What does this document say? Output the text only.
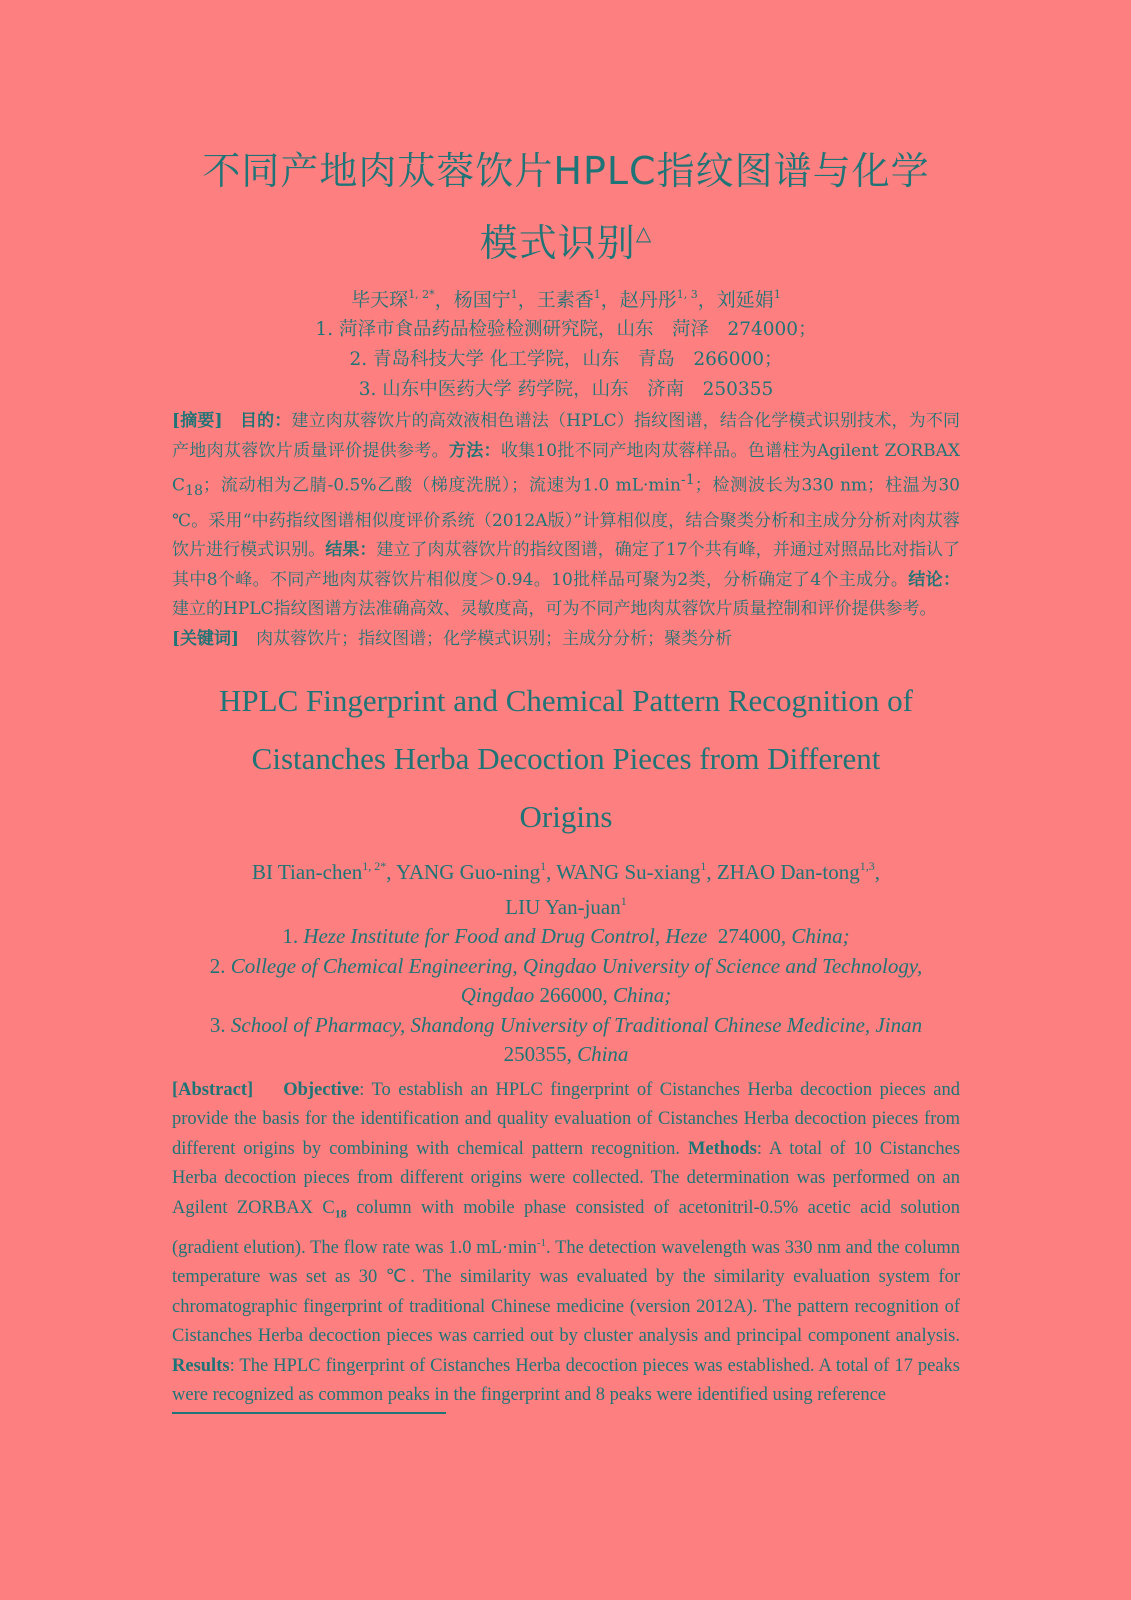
不同产地肉苁蓉饮片HPLC指纹图谱与化学
模式识别△
毕天琛$^{1, 2*}$，杨国宁$^1$，王素香$^1$，赵丹彤$^{1, 3}$，刘延娟$^1$
1. 菏泽市食品药品检验检测研究院，山东　菏泽　274000；
2. 青岛科技大学 化工学院，山东　青岛　266000；
3. 山东中医药大学 药学院，山东　济南　250355
[摘要]　 目的：建立肉苁蓉饮片的高效液相色谱法（HPLC）指纹图谱，结合化学模式识别技术，为不同产地肉苁蓉饮片质量评价提供参考。方法：收集10批不同产地肉苁蓉样品。色谱柱为Agilent ZORBAX $C_{18}$；流动相为乙腈-0.5%乙酸（梯度洗脱）；流速为1.0 $mL\cdot\min^{-1}$；检测波长为330 nm；柱温为30 ℃。采用“中药指纹图谱相似度评价系统（2012A版）”计算相似度，结合聚类分析和主成分分析对肉苁蓉饮片进行模式识别。结果：建立了肉苁蓉饮片的指纹图谱，确定了17个共有峰，并通过对照品比对指认了其中8个峰。不同产地肉苁蓉饮片相似度＞0.94。10批样品可聚为2类，分析确定了4个主成分。结论：建立的HPLC指纹图谱方法准确高效、灵敏度高，可为不同产地肉苁蓉饮片质量控制和评价提供参考。
[关键词]　 肉苁蓉饮片；指纹图谱；化学模式识别；主成分分析；聚类分析
HPLC Fingerprint and Chemical Pattern Recognition of
Cistanches Herba Decoction Pieces from Different
Origins
BI Tian-chen$^{1, 2*}$, YANG Guo-ning$^1$, WANG Su-xiang$^1$, ZHAO Dan-tong$^{1,3}$,
LIU Yan-juan$^1$
1. Heze Institute for Food and Drug Control, Heze 274000, China;
2. College of Chemical Engineering, Qingdao University of Science and Technology,
Qingdao 266000, China;
3. School of Pharmacy, Shandong University of Traditional Chinese Medicine, Jinan
250355, China
[Abstract] Objective: To establish an HPLC fingerprint of Cistanches Herba decoction pieces and provide the basis for the identification and quality evaluation of Cistanches Herba decoction pieces from different origins by combining with chemical pattern recognition. Methods: A total of 10 Cistanches Herba decoction pieces from different origins were collected. The determination was performed on an Agilent ZORBAX $C_{18}$ column with mobile phase consisted of acetonitril-0.5% acetic acid solution (gradient elution). The flow rate was 1.0 $mL\cdot\min^{-1}$. The detection wavelength was 330 nm and the column temperature was set as 30 ℃. The similarity was evaluated by the similarity evaluation system for chromatographic fingerprint of traditional Chinese medicine (version 2012A). The pattern recognition of Cistanches Herba decoction pieces was carried out by cluster analysis and principal component analysis. Results: The HPLC fingerprint of Cistanches Herba decoction pieces was established. A total of 17 peaks were recognized as common peaks in the fingerprint and 8 peaks were identified using reference
